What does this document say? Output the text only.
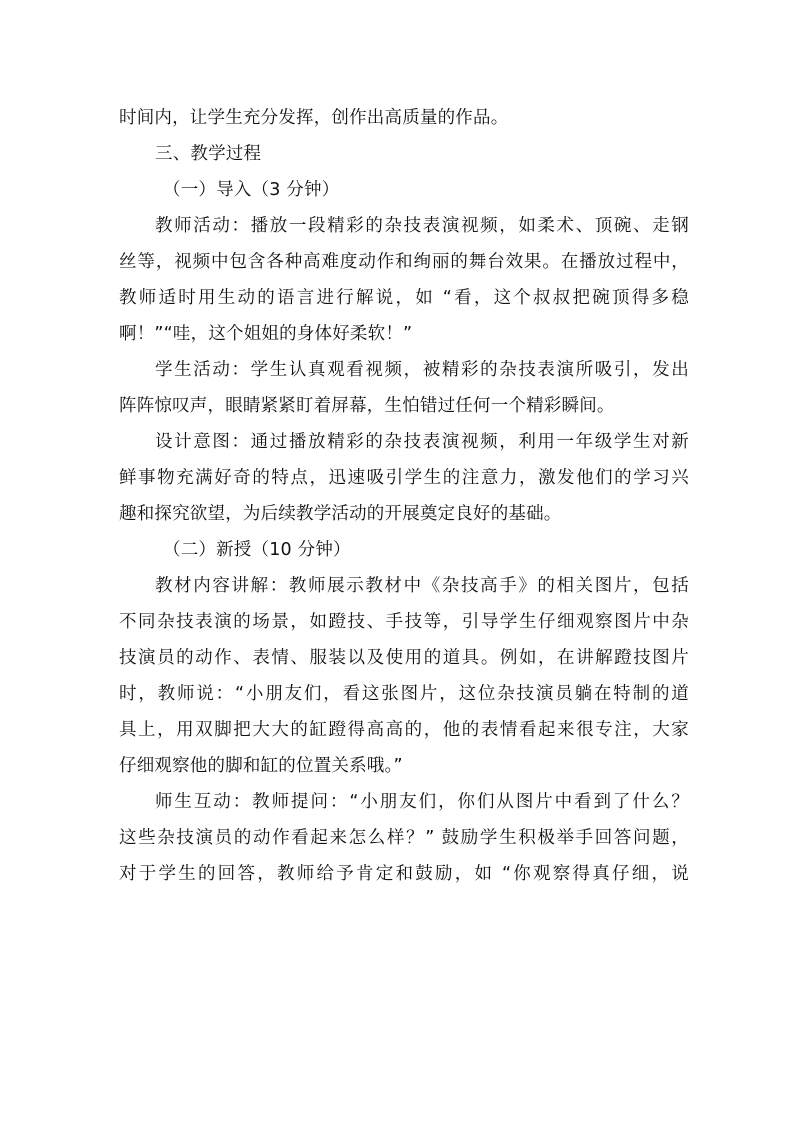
时间内，让学生充分发挥，创作出高质量的作品。
三、教学过程
（一）导入（3 分钟）
教师活动：播放一段精彩的杂技表演视频，如柔术、顶碗、走钢
丝等，视频中包含各种高难度动作和绚丽的舞台效果。在播放过程中，
教师适时用生动的语言进行解说，如 “看，这个叔叔把碗顶得多稳
啊！”“哇，这个姐姐的身体好柔软！”
学生活动：学生认真观看视频，被精彩的杂技表演所吸引，发出
阵阵惊叹声，眼睛紧紧盯着屏幕，生怕错过任何一个精彩瞬间。
设计意图：通过播放精彩的杂技表演视频，利用一年级学生对新
鲜事物充满好奇的特点，迅速吸引学生的注意力，激发他们的学习兴
趣和探究欲望，为后续教学活动的开展奠定良好的基础。
（二）新授（10 分钟）
教材内容讲解：教师展示教材中《杂技高手》的相关图片，包括
不同杂技表演的场景，如蹬技、手技等，引导学生仔细观察图片中杂
技演员的动作、表情、服装以及使用的道具。例如，在讲解蹬技图片
时，教师说：“小朋友们，看这张图片，这位杂技演员躺在特制的道
具上，用双脚把大大的缸蹬得高高的，他的表情看起来很专注，大家
仔细观察他的脚和缸的位置关系哦。”
师生互动：教师提问：“小朋友们，你们从图片中看到了什么？
这些杂技演员的动作看起来怎么样？” 鼓励学生积极举手回答问题，
对于学生的回答，教师给予肯定和鼓励，如 “你观察得真仔细，说
